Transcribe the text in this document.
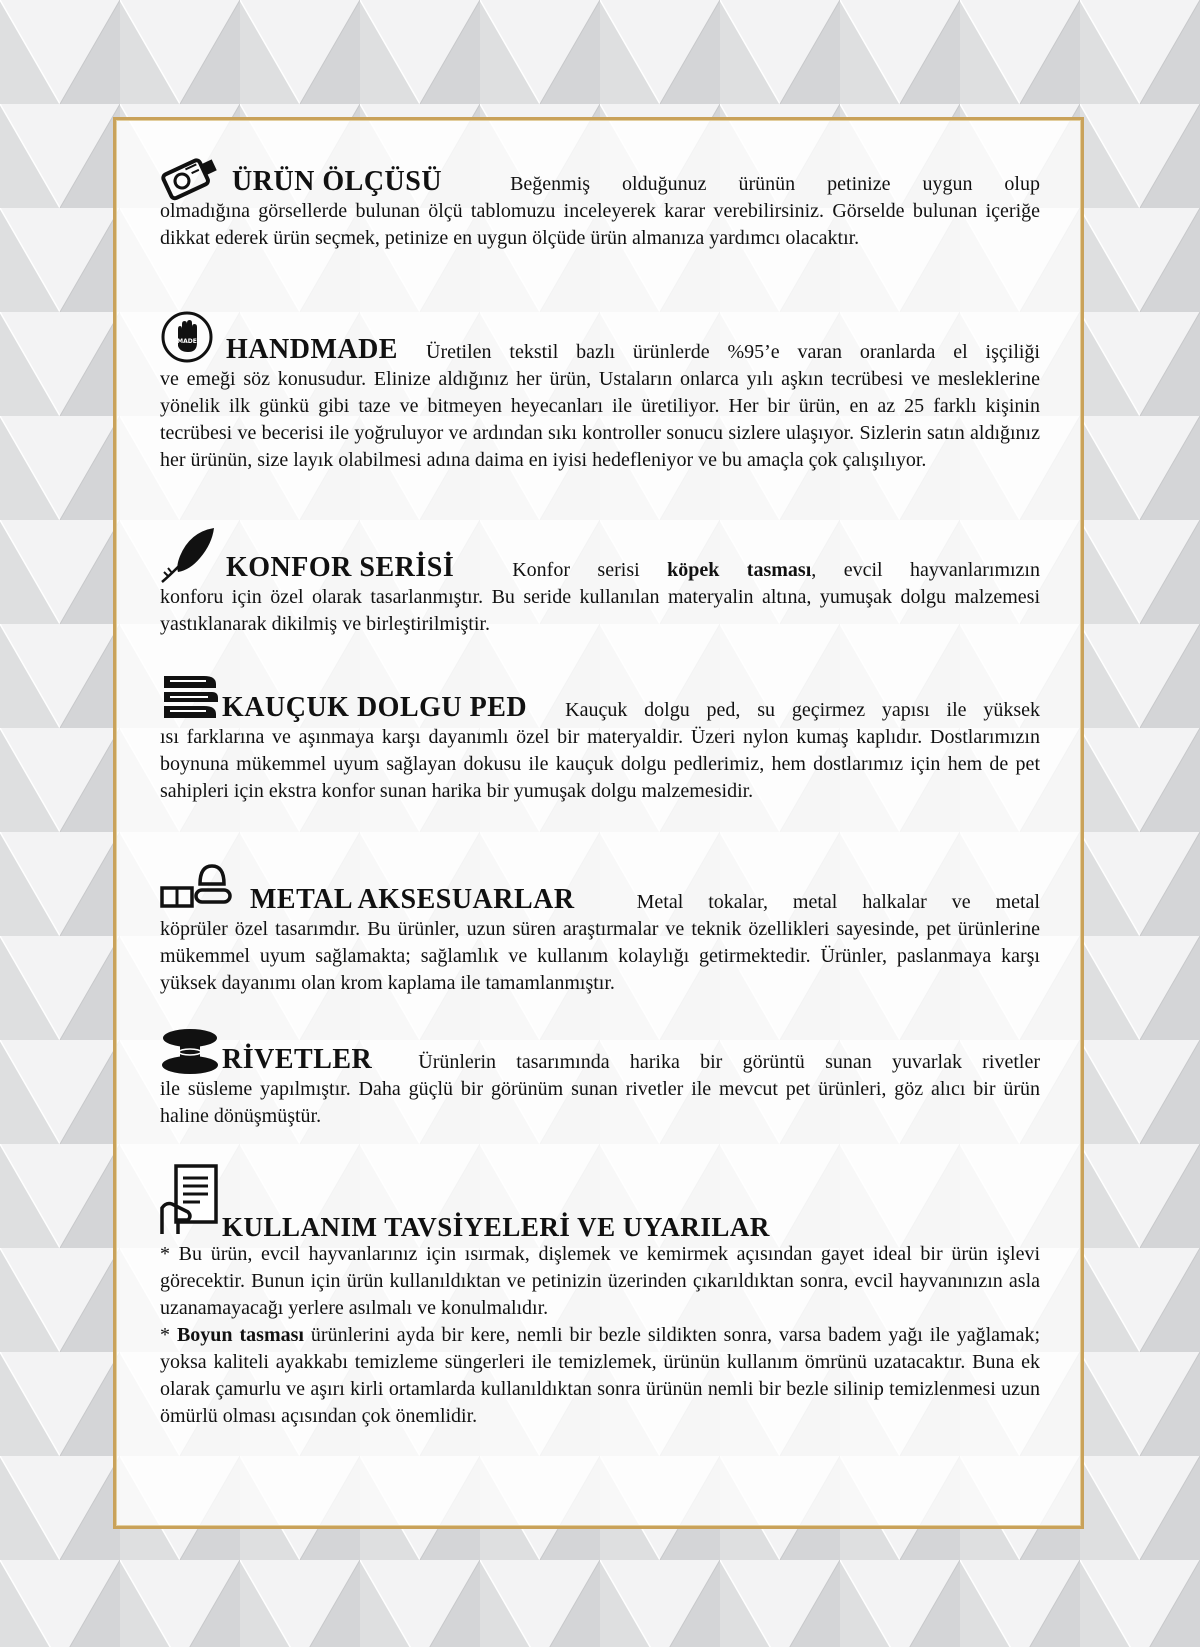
ÜRÜN ÖLÇÜSÜ	Beğenmiş olduğunuz ürünün petinize uygun olup

olmadığına görsellerde bulunan ölçü tablomuzu inceleyerek karar verebilirsiniz. Görselde bulunan içeriğe dikkat ederek ürün seçmek, petinize en uygun ölçüde ürün almanıza yardımcı olacaktır.

MADE HANDMADE	Üretilen tekstil bazlı ürünlerde %95’e varan oranlarda el işçiliği

ve emeği söz konusudur. Elinize aldığınız her ürün, Ustaların onlarca yılı aşkın tecrübesi ve mesleklerine yönelik ilk günkü gibi taze ve bitmeyen heyecanları ile üretiliyor. Her bir ürün, en az 25 farklı kişinin tecrübesi ve becerisi ile yoğruluyor ve ardından sıkı kontroller sonucu sizlere ulaşıyor. Sizlerin satın aldığınız her ürünün, size layık olabilmesi adına daima en iyisi hedefleniyor ve bu amaçla çok çalışılıyor.

KONFOR SERİSİ	Konfor serisi köpek tasması, evcil hayvanlarımızın

konforu için özel olarak tasarlanmıştır. Bu seride kullanılan materyalin altına, yumuşak dolgu malzemesi yastıklanarak dikilmiş ve birleştirilmiştir.

KAUÇUK DOLGU PED	Kauçuk dolgu ped, su geçirmez yapısı ile yüksek

ısı farklarına ve aşınmaya karşı dayanımlı özel bir materyaldir. Üzeri nylon kumaş kaplıdır. Dostlarımızın boynuna mükemmel uyum sağlayan dokusu ile kauçuk dolgu pedlerimiz, hem dostlarımız için hem de pet sahipleri için ekstra konfor sunan harika bir yumuşak dolgu malzemesidir.

METAL AKSESUARLAR	Metal tokalar, metal halkalar ve metal

köprüler özel tasarımdır. Bu ürünler, uzun süren araştırmalar ve teknik özellikleri sayesinde, pet ürünlerine mükemmel uyum sağlamakta; sağlamlık ve kullanım kolaylığı getirmektedir. Ürünler, paslanmaya karşı yüksek dayanımı olan krom kaplama ile tamamlanmıştır.

RİVETLER	Ürünlerin tasarımında harika bir görüntü sunan yuvarlak rivetler

ile süsleme yapılmıştır. Daha güçlü bir görünüm sunan rivetler ile mevcut pet ürünleri, göz alıcı bir ürün haline dönüşmüştür.

KULLANIM TAVSİYELERİ VE UYARILAR

* Bu ürün, evcil hayvanlarınız için ısırmak, dişlemek ve kemirmek açısından gayet ideal bir ürün işlevi görecektir. Bunun için ürün kullanıldıktan ve petinizin üzerinden çıkarıldıktan sonra, evcil hayvanınızın asla uzanamayacağı yerlere asılmalı ve konulmalıdır.

* Boyun tasması ürünlerini ayda bir kere, nemli bir bezle sildikten sonra, varsa badem yağı ile yağlamak; yoksa kaliteli ayakkabı temizleme süngerleri ile temizlemek, ürünün kullanım ömrünü uzatacaktır. Buna ek olarak çamurlu ve aşırı kirli ortamlarda kullanıldıktan sonra ürünün nemli bir bezle silinip temizlenmesi uzun ömürlü olması açısından çok önemlidir.
